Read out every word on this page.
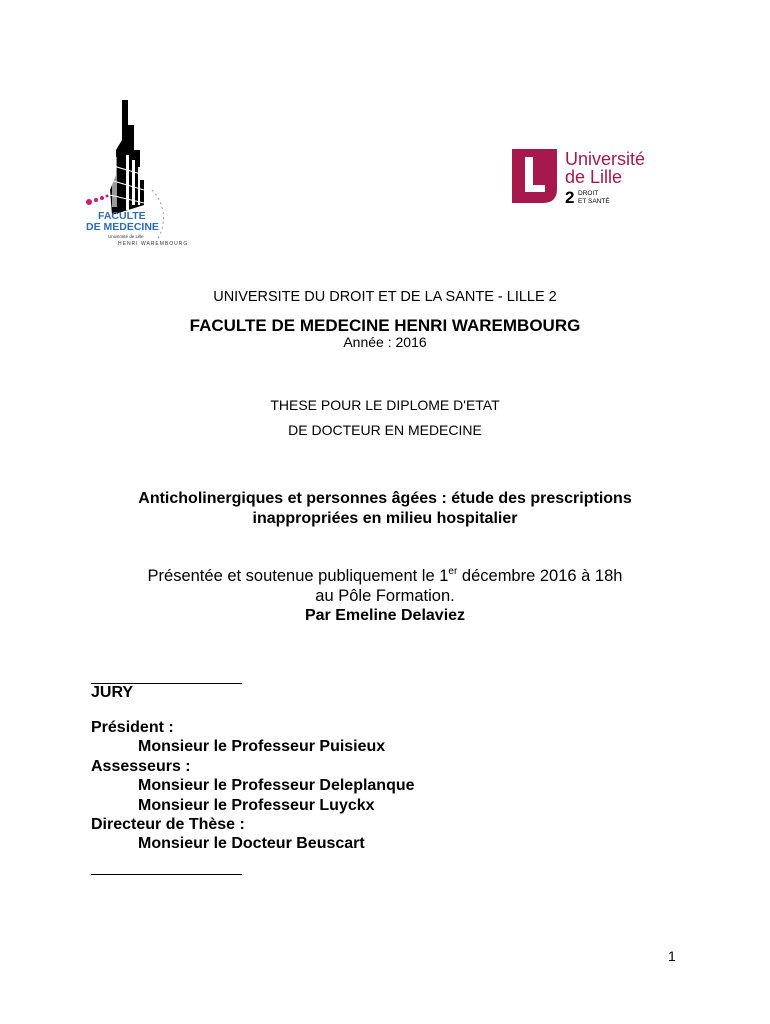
FACULTE
DE MEDECINE
Université de Lille
HENRI WAREMBOURG
Université
de Lille
2 DROIT
ET SANTÉ
UNIVERSITE DU DROIT ET DE LA SANTE - LILLE 2
FACULTE DE MEDECINE HENRI WAREMBOURG
Année : 2016
THESE POUR LE DIPLOME D'ETAT
DE DOCTEUR EN MEDECINE
Anticholinergiques et personnes âgées : étude des prescriptions
inappropriées en milieu hospitalier
Présentée et soutenue publiquement le 1er décembre 2016 à 18h
au Pôle Formation.
Par Emeline Delaviez
JURY
Président :
Monsieur le Professeur Puisieux
Assesseurs :
Monsieur le Professeur Deleplanque
Monsieur le Professeur Luyckx
Directeur de Thèse :
Monsieur le Docteur Beuscart
1
